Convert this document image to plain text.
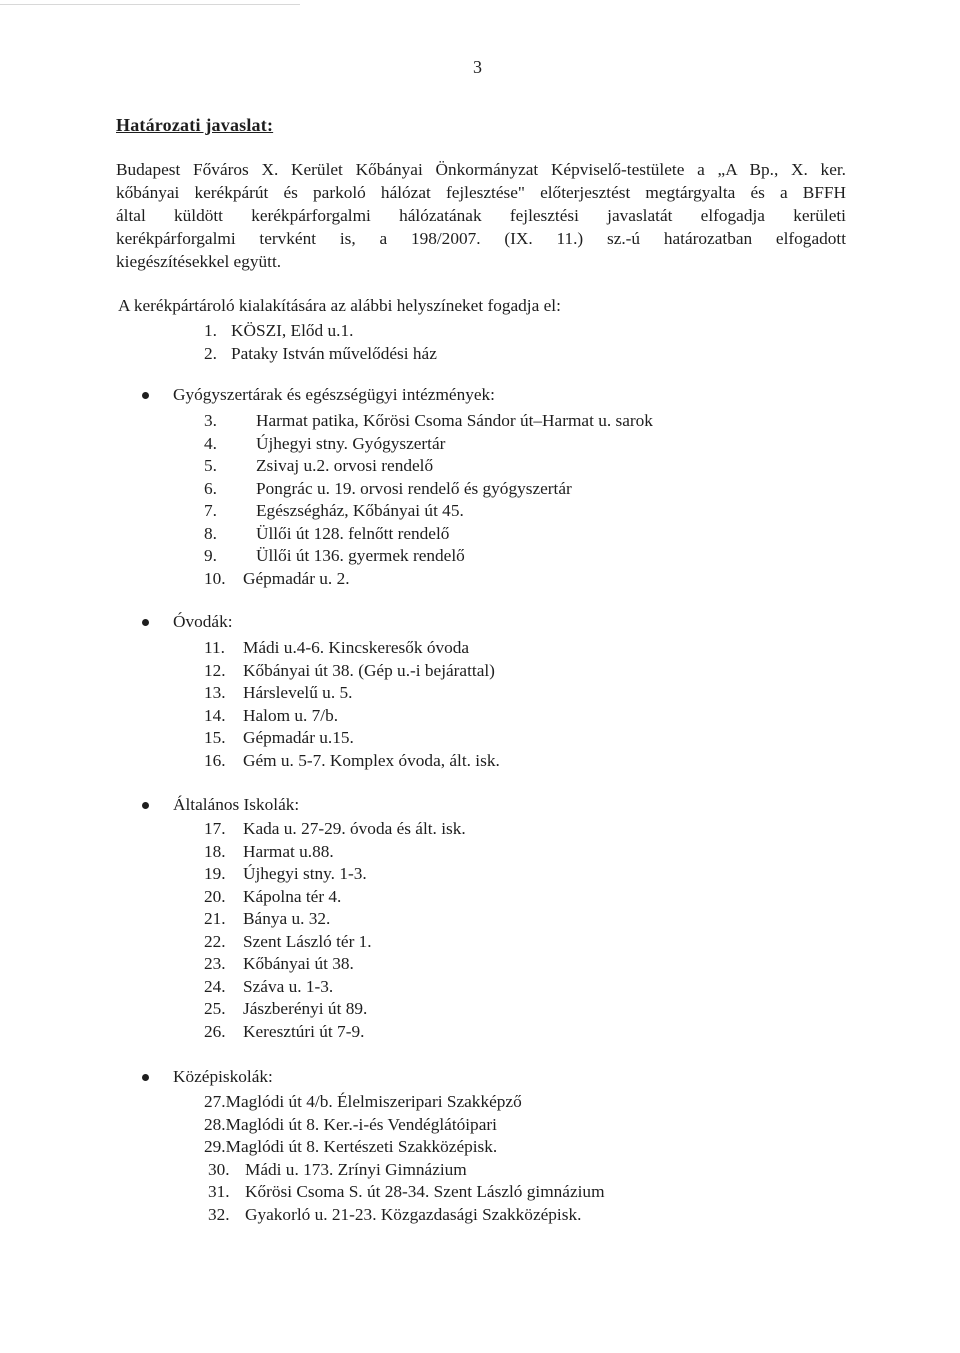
3
Határozati javaslat:
Budapest Főváros X. Kerület Kőbányai Önkormányzat Képviselő-testülete a „A Bp., X. ker.
kőbányai kerékpárút és parkoló hálózat fejlesztése" előterjesztést megtárgyalta és a BFFH
által küldött kerékpárforgalmi hálózatának fejlesztési javaslatát elfogadja kerületi
kerékpárforgalmi tervként is, a 198/2007. (IX. 11.) sz.-ú határozatban elfogadott
kiegészítésekkel együtt.
A kerékpártároló kialakítására az alábbi helyszíneket fogadja el:
1. KÖSZI, Előd u.1.
2. Pataky István művelődési ház
Gyógyszertárak és egészségügyi intézmények:
3.	Harmat patika, Kőrösi Csoma Sándor út–Harmat u. sarok
4.	Újhegyi stny. Gyógyszertár
5.	Zsivaj u.2. orvosi rendelő
6.	Pongrác u. 19. orvosi rendelő és gyógyszertár
7.	Egészségház, Kőbányai út 45.
8.	Üllői út 128. felnőtt rendelő
9.	Üllői út 136. gyermek rendelő
10.	Gépmadár u. 2.
Óvodák:
11.	Mádi u.4-6. Kincskeresők óvoda
12.	Kőbányai út 38. (Gép u.-i bejárattal)
13.	Hárslevelű u. 5.
14.	Halom u. 7/b.
15.	Gépmadár u.15.
16.	Gém u. 5-7. Komplex óvoda, ált. isk.
Általános Iskolák:
17.	Kada u. 27-29. óvoda és ált. isk.
18.	Harmat u.88.
19.	Újhegyi stny. 1-3.
20.	Kápolna tér 4.
21.	Bánya u. 32.
22.	Szent László tér 1.
23.	Kőbányai út 38.
24.	Száva u. 1-3.
25.	Jászberényi út 89.
26.	Keresztúri út 7-9.
Középiskolák:
27. Maglódi út 4/b. Élelmiszeripari Szakképző
28. Maglódi út 8. Ker.-i-és Vendéglátóipari
29. Maglódi út 8. Kertészeti Szakközépisk.
30. Mádi u. 173. Zrínyi Gimnázium
31. Kőrösi Csoma S. út 28-34. Szent László gimnázium
32. Gyakorló u. 21-23. Közgazdasági Szakközépisk.
